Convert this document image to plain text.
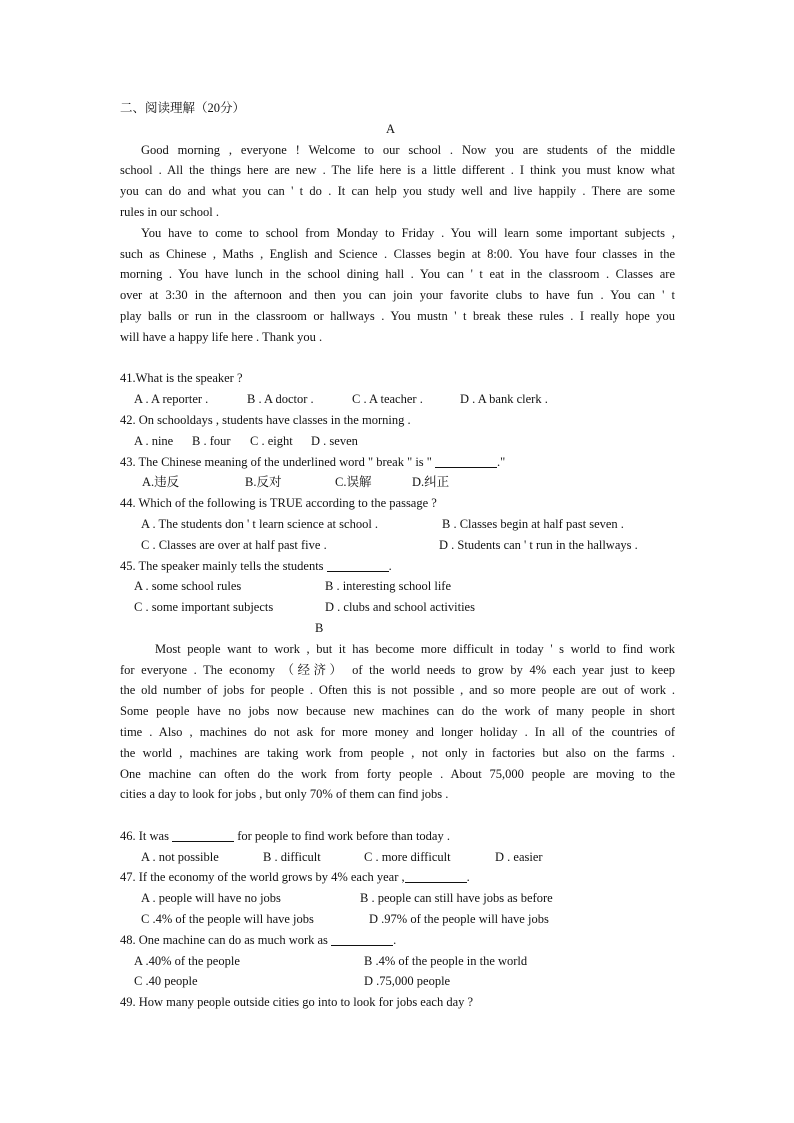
二、阅读理解（20分）
A
Good morning , everyone ! Welcome to our school . Now you are students of the middle
school . All the things here are new . The life here is a little different . I think you must know what
you can do and what you can ' t do . It can help you study well and live happily . There are some
rules in our school .
You have to come to school from Monday to Friday . You will learn some important subjects ,
such as Chinese , Maths , English and Science . Classes begin at 8:00. You have four classes in the
morning . You have lunch in the school dining hall . You can ' t eat in the classroom . Classes are
over at 3:30 in the afternoon and then you can join your favorite clubs to have fun . You can ' t
play balls or run in the classroom or hallways . You mustn ' t break these rules . I really hope you
will have a happy life here . Thank you .
41.What is the speaker ?
A . A reporter .	B . A doctor .	C . A teacher .	D . A bank clerk .
42. On schooldays , students have classes in the morning .
A . nine B . four C . eight D . seven
43. The Chinese meaning of the underlined word " break " is "	."
A.违反	B.反对	C.误解	D.纠正
44. Which of the following is TRUE according to the passage ?
A . The students don ' t learn science at school .	B . Classes begin at half past seven .
C . Classes are over at half past five .	D . Students can ' t run in the hallways .
45. The speaker mainly tells the students	.
A . some school rules	B . interesting school life
C . some important subjects	D . clubs and school activities
B
Most people want to work , but it has become more difficult in today ' s world to find work
for everyone . The economy （经济） of the world needs to grow by 4% each year just to keep
the old number of jobs for people . Often this is not possible , and so more people are out of work .
Some people have no jobs now because new machines can do the work of many people in short
time . Also , machines do not ask for more money and longer holiday . In all of the countries of
the world , machines are taking work from people , not only in factories but also on the farms .
One machine can often do the work from forty people . About 75,000 people are moving to the
cities a day to look for jobs , but only 70% of them can find jobs .
46. It was	for people to find work before than today .
A . not possible	B . difficult	C . more difficult	D . easier
47. If the economy of the world grows by 4% each year ,	.
A . people will have no jobs	B . people can still have jobs as before
C .4% of the people will have jobs	D .97% of the people will have jobs
48. One machine can do as much work as	.
A .40% of the people	B .4% of the people in the world
C .40 people	D .75,000 people
49. How many people outside cities go into to look for jobs each day ?
